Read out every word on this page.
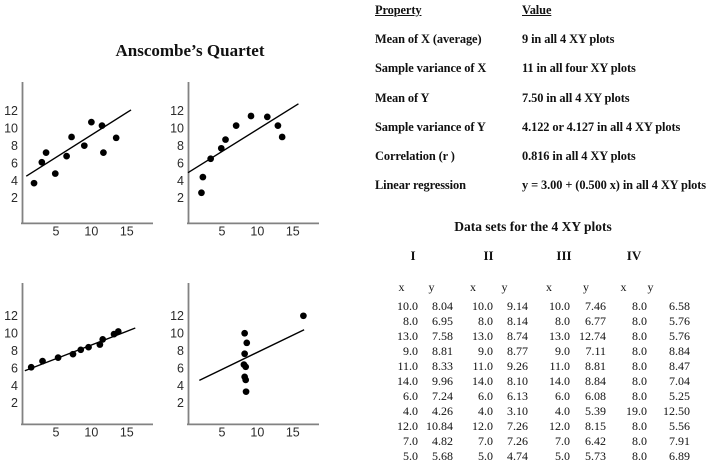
Anscombe’s Quartet
12
10
8
6
4
2
5 10 15
12
10
8
6
4
2
5 10 15
12
10
8
6
4
2
5 10 15
12
10
8
6
4
2
5 10 15
Property	Value
Mean of X (average)	9 in all 4 XY plots
Sample variance of X	11 in all four XY plots
Mean of Y	7.50 in all 4 XY plots
Sample variance of Y	4.122 or 4.127 in all 4 XY plots
Correlation (r )	0.816 in all 4 XY plots
Linear regression	y = 3.00 + (0.500 x) in all 4 XY plots
Data sets for the 4 XY plots
I		II		III		IV	
x	y	x	y	x	y	x	y
10.0	8.04	10.0	9.14	10.0	7.46	8.0	6.58
8.0	6.95	8.0	8.14	8.0	6.77	8.0	5.76
13.0	7.58	13.0	8.74	13.0	12.74	8.0	5.76
9.0	8.81	9.0	8.77	9.0	7.11	8.0	8.84
11.0	8.33	11.0	9.26	11.0	8.81	8.0	8.47
14.0	9.96	14.0	8.10	14.0	8.84	8.0	7.04
6.0	7.24	6.0	6.13	6.0	6.08	8.0	5.25
4.0	4.26	4.0	3.10	4.0	5.39	19.0	12.50
12.0	10.84	12.0	7.26	12.0	8.15	8.0	5.56
7.0	4.82	7.0	7.26	7.0	6.42	8.0	7.91
5.0	5.68	5.0	4.74	5.0	5.73	8.0	6.89
